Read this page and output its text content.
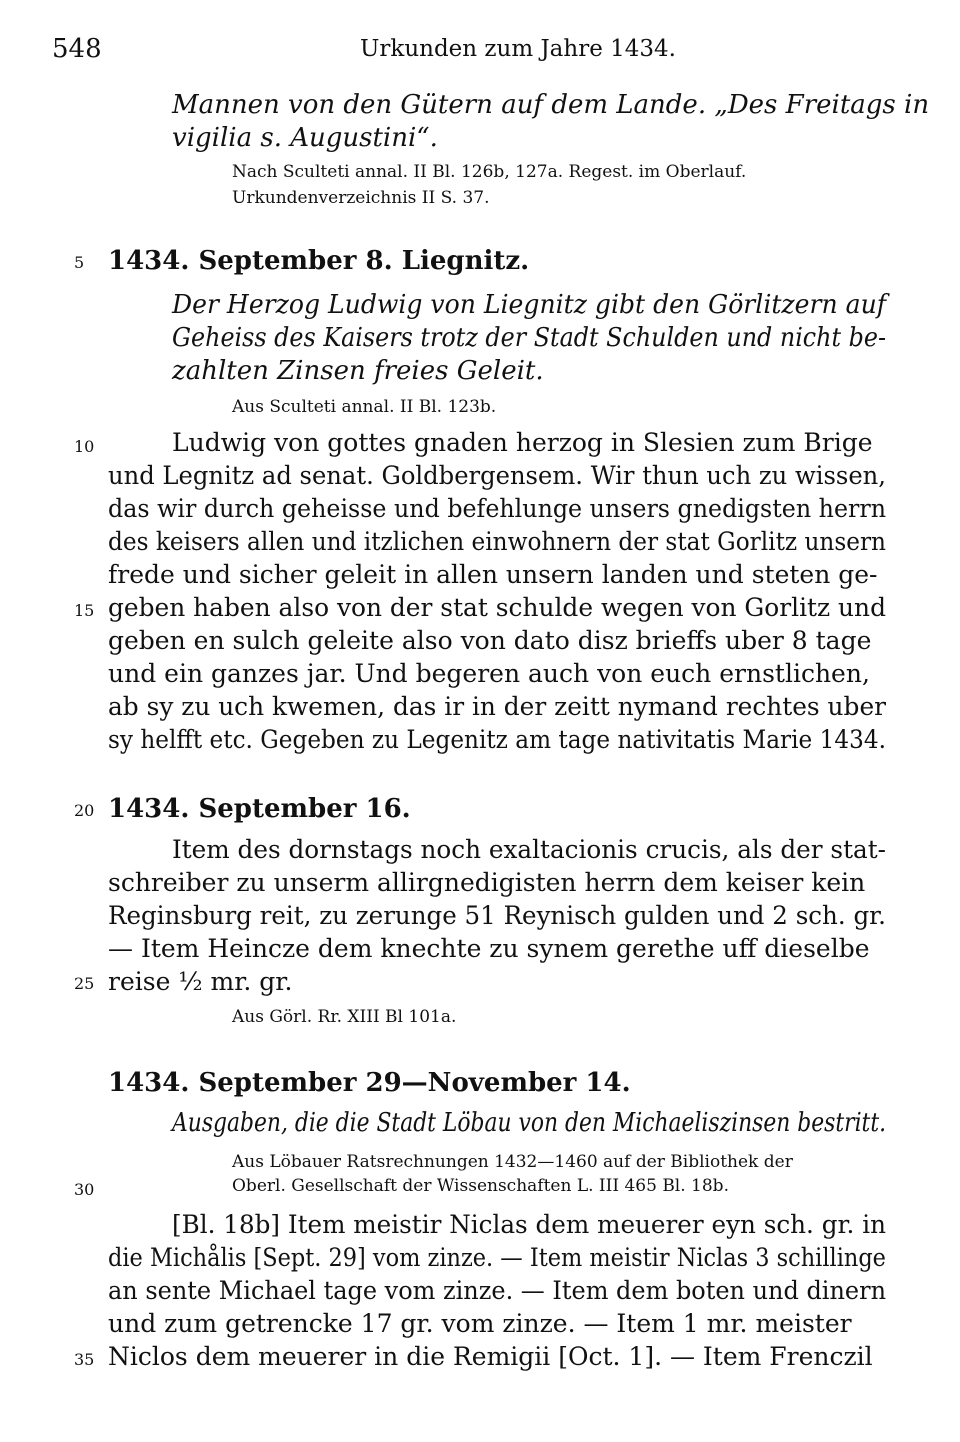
548	Urkunden zum Jahre 1434.
Mannen von den Gütern auf dem Lande. „Des Freitags in
vigilia s. Augustini“.
Nach Sculteti annal. II Bl. 126b, 127a. Regest. im Oberlauf.
Urkundenverzeichnis II S. 37.
5 1434. September 8. Liegnitz.
Der Herzog Ludwig von Liegnitz gibt den Görlitzern auf
Geheiss des Kaisers trotz der Stadt Schulden und nicht be-
zahlten Zinsen freies Geleit.
Aus Sculteti annal. II Bl. 123b.
10	Ludwig von gottes gnaden herzog in Slesien zum Brige
und Legnitz ad senat. Goldbergensem. Wir thun uch zu wissen,
das wir durch geheisse und befehlunge unsers gnedigsten herrn
des keisers allen und itzlichen einwohnern der stat Gorlitz unsern
frede und sicher geleit in allen unsern landen und steten ge-
15 geben haben also von der stat schulde wegen von Gorlitz und
geben en sulch geleite also von dato disz brieffs uber 8 tage
und ein ganzes jar. Und begeren auch von euch ernstlichen,
ab sy zu uch kwemen, das ir in der zeitt nymand rechtes uber
sy helfft etc. Gegeben zu Legenitz am tage nativitatis Marie 1434.
20 1434. September 16.
Item des dornstags noch exaltacionis crucis, als der stat-
schreiber zu unserm allirgnedigisten herrn dem keiser kein
Reginsburg reit, zu zerunge 51 Reynisch gulden und 2 sch. gr.
— Item Heincze dem knechte zu synem gerethe uff dieselbe
25 reise ½ mr. gr.
Aus Görl. Rr. XIII Bl 101a.
1434. September 29—November 14.
Ausgaben, die die Stadt Löbau von den Michaeliszinsen bestritt.
Aus Löbauer Ratsrechnungen 1432—1460 auf der Bibliothek der
30	Oberl. Gesellschaft der Wissenschaften L. III 465 Bl. 18b.
[Bl. 18b] Item meistir Niclas dem meuerer eyn sch. gr. in
die Michålis [Sept. 29] vom zinze. — Item meistir Niclas 3 schillinge
an sente Michael tage vom zinze. — Item dem boten und dinern
und zum getrencke 17 gr. vom zinze. — Item 1 mr. meister
35 Niclos dem meuerer in die Remigii [Oct. 1]. — Item Frenczil
